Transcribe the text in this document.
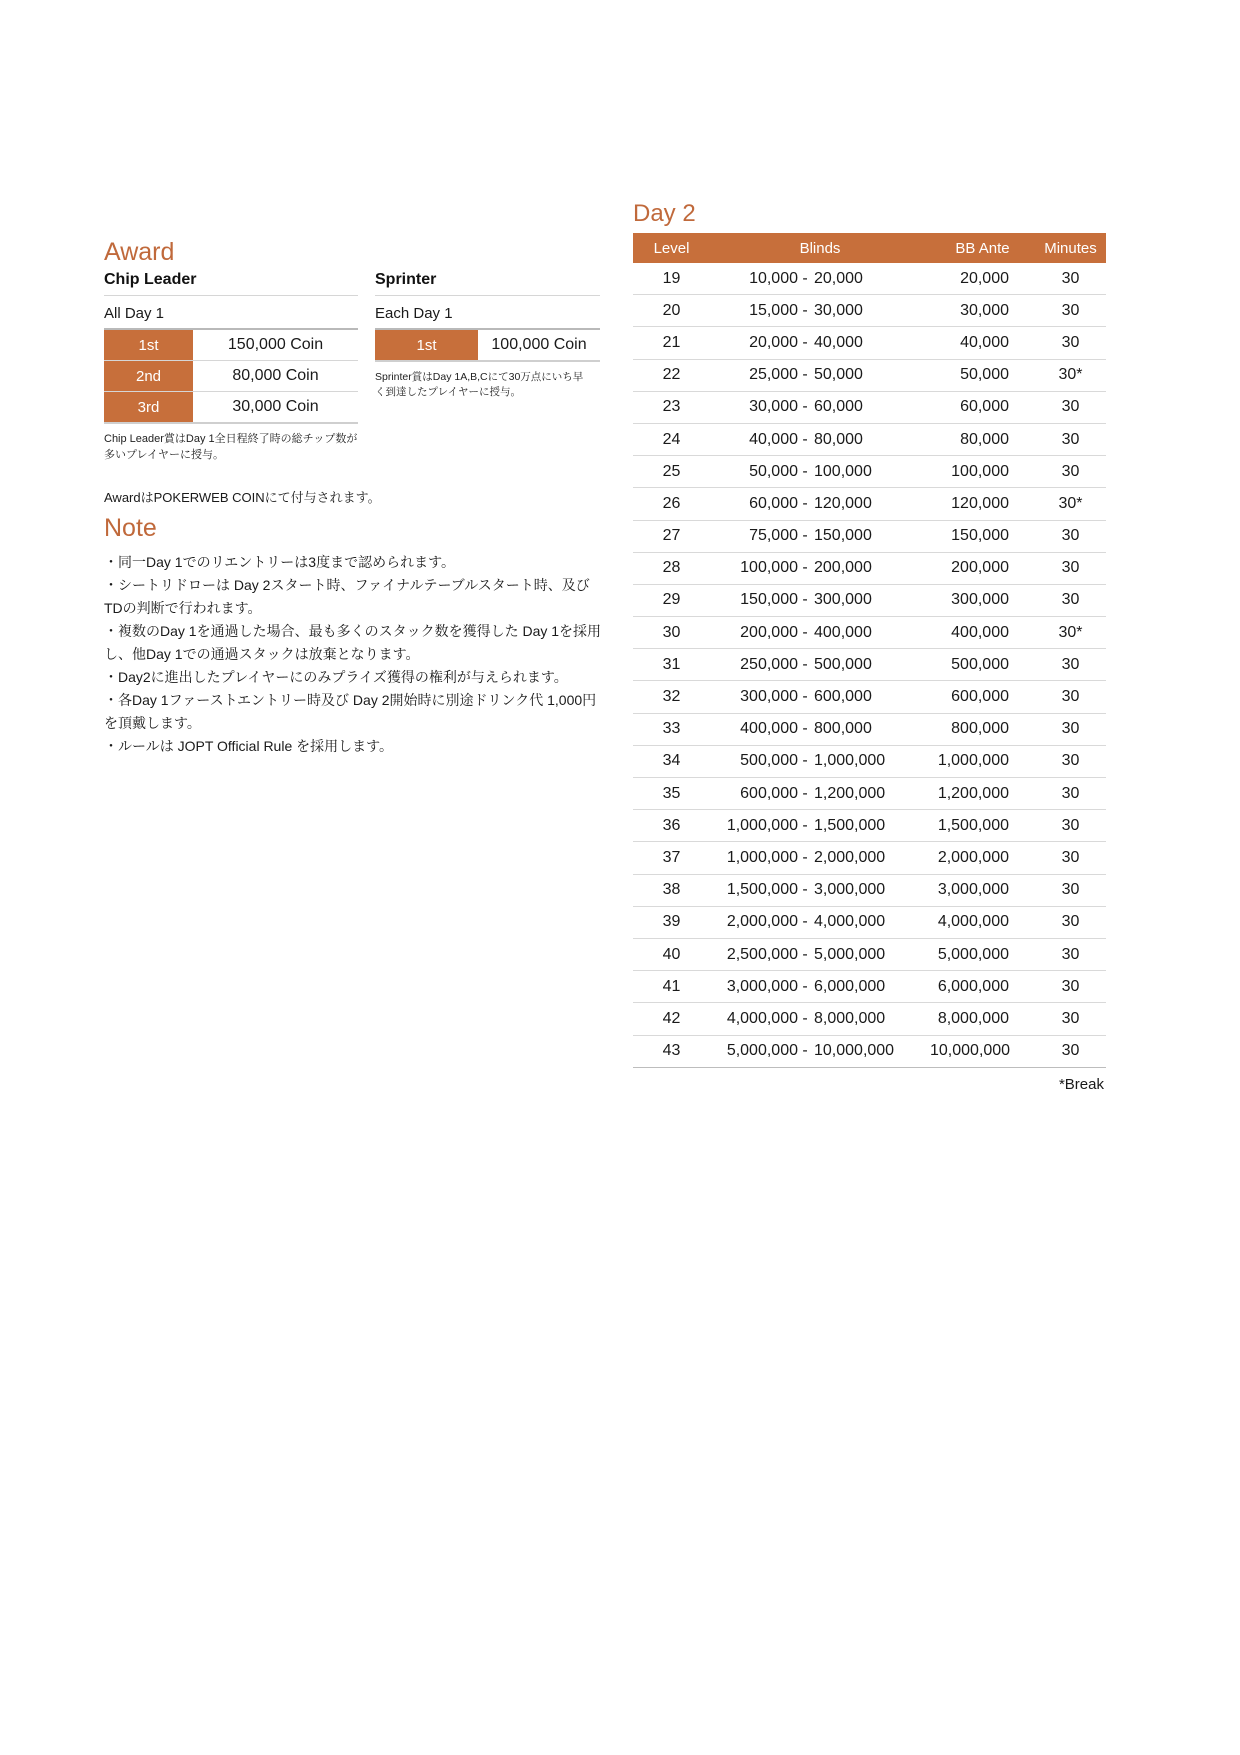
Award
Chip Leader
All Day 1
1st	150,000 Coin
2nd	80,000 Coin
3rd	30,000 Coin
Chip Leader賞はDay 1全日程終了時の総チップ数が多いプレイヤーに授与。
Sprinter
Each Day 1
1st	100,000 Coin
Sprinter賞はDay 1A,B,Cにて30万点にいち早く到達したプレイヤーに授与。
AwardはPOKERWEB COINにて付与されます。
Note
・同一Day 1でのリエントリーは3度まで認められます。
・シートリドローは Day 2スタート時、ファイナルテーブルスタート時、及びTDの判断で行われます。
・複数のDay 1を通過した場合、最も多くのスタック数を獲得した Day 1を採用し、他Day 1での通過スタックは放棄となります。
・Day2に進出したプレイヤーにのみプライズ獲得の権利が与えられます。
・各Day 1ファーストエントリー時及び Day 2開始時に別途ドリンク代 1,000円を頂戴します。
・ルールは JOPT Official Rule を採用します。
Day 2
Level	Blinds	BB Ante	Minutes
19	10,000 - 20,000	20,000	30
20	15,000 - 30,000	30,000	30
21	20,000 - 40,000	40,000	30
22	25,000 - 50,000	50,000	30*
23	30,000 - 60,000	60,000	30
24	40,000 - 80,000	80,000	30
25	50,000 - 100,000	100,000	30
26	60,000 - 120,000	120,000	30*
27	75,000 - 150,000	150,000	30
28	100,000 - 200,000	200,000	30
29	150,000 - 300,000	300,000	30
30	200,000 - 400,000	400,000	30*
31	250,000 - 500,000	500,000	30
32	300,000 - 600,000	600,000	30
33	400,000 - 800,000	800,000	30
34	500,000 - 1,000,000	1,000,000	30
35	600,000 - 1,200,000	1,200,000	30
36	1,000,000 - 1,500,000	1,500,000	30
37	1,000,000 - 2,000,000	2,000,000	30
38	1,500,000 - 3,000,000	3,000,000	30
39	2,000,000 - 4,000,000	4,000,000	30
40	2,500,000 - 5,000,000	5,000,000	30
41	3,000,000 - 6,000,000	6,000,000	30
42	4,000,000 - 8,000,000	8,000,000	30
43	5,000,000 - 10,000,000	10,000,000	30
*Break
